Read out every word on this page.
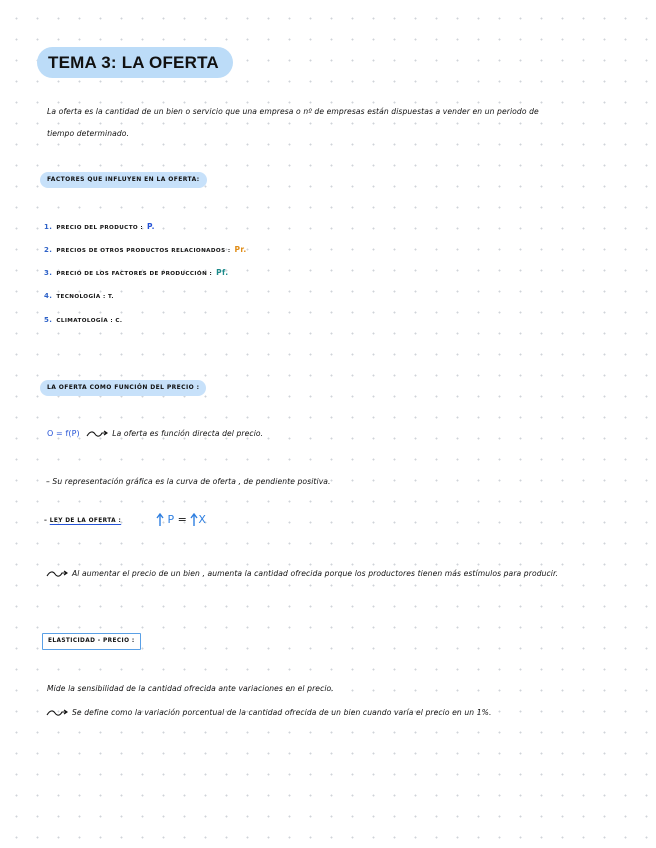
TEMA 3: LA OFERTA
La oferta es la cantidad de un bien o servicio que una empresa o nº de empresas están dispuestas a vender en un periodo de
tiempo determinado.
FACTORES QUE INFLUYEN EN LA OFERTA:
1. PRECIO DEL PRODUCTO : P.
2. PRECIOS DE OTROS PRODUCTOS RELACIONADOS : Pr.
3. PRECIO DE LOS FACTORES DE PRODUCCIÓN : Pf.
4. TECNOLOGÍA : T.
5. CLIMATOLOGÍA : C.
LA OFERTA COMO FUNCIÓN DEL PRECIO :
O = f(P)	La oferta es función directa del precio.
– Su representación gráfica es la curva de oferta , de pendiente positiva.
– LEY DE LA OFERTA :	P = X
Al aumentar el precio de un bien , aumenta la cantidad ofrecida porque los productores tienen más estímulos para producir.
ELASTICIDAD - PRECIO :
Mide la sensibilidad de la cantidad ofrecida ante variaciones en el precio.
Se define como la variación porcentual de la cantidad ofrecida de un bien cuando varía el precio en un 1%.
